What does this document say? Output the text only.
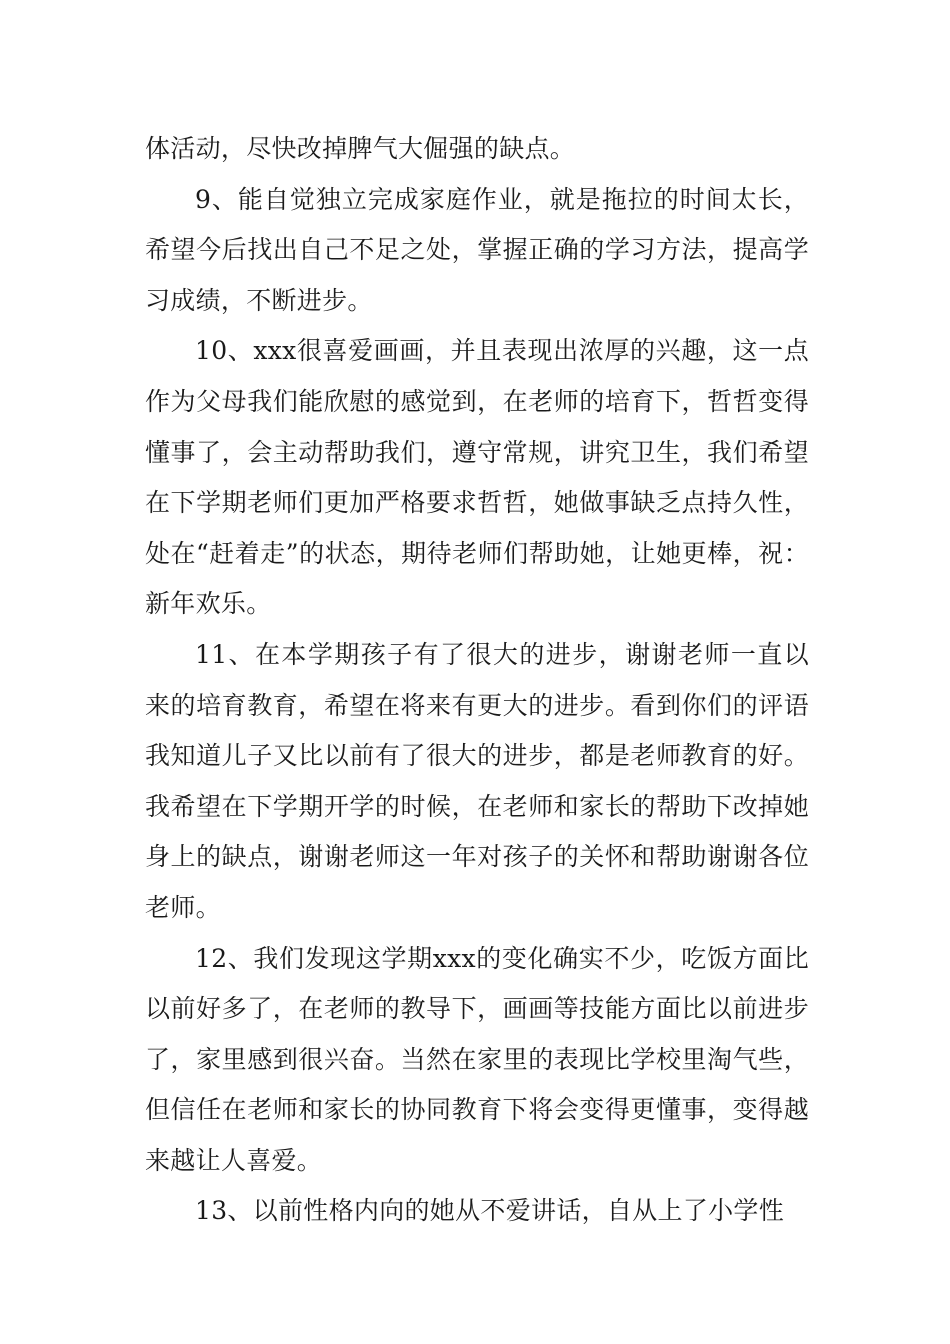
体活动，尽快改掉脾气大倔强的缺点。

9、能自觉独立完成家庭作业，就是拖拉的时间太长，希望今后找出自己不足之处，掌握正确的学习方法，提高学习成绩，不断进步。

10、xxx很喜爱画画，并且表现出浓厚的兴趣，这一点作为父母我们能欣慰的感觉到，在老师的培育下，哲哲变得懂事了，会主动帮助我们，遵守常规，讲究卫生，我们希望在下学期老师们更加严格要求哲哲，她做事缺乏点持久性，处在“赶着走”的状态，期待老师们帮助她，让她更棒，祝：新年欢乐。

11、在本学期孩子有了很大的进步，谢谢老师一直以来的培育教育，希望在将来有更大的进步。看到你们的评语我知道儿子又比以前有了很大的进步，都是老师教育的好。我希望在下学期开学的时候，在老师和家长的帮助下改掉她身上的缺点，谢谢老师这一年对孩子的关怀和帮助谢谢各位老师。

12、我们发现这学期xxx的变化确实不少，吃饭方面比以前好多了，在老师的教导下，画画等技能方面比以前进步了，家里感到很兴奋。当然在家里的表现比学校里淘气些，但信任在老师和家长的协同教育下将会变得更懂事，变得越来越让人喜爱。

13、以前性格内向的她从不爱讲话，自从上了小学性
